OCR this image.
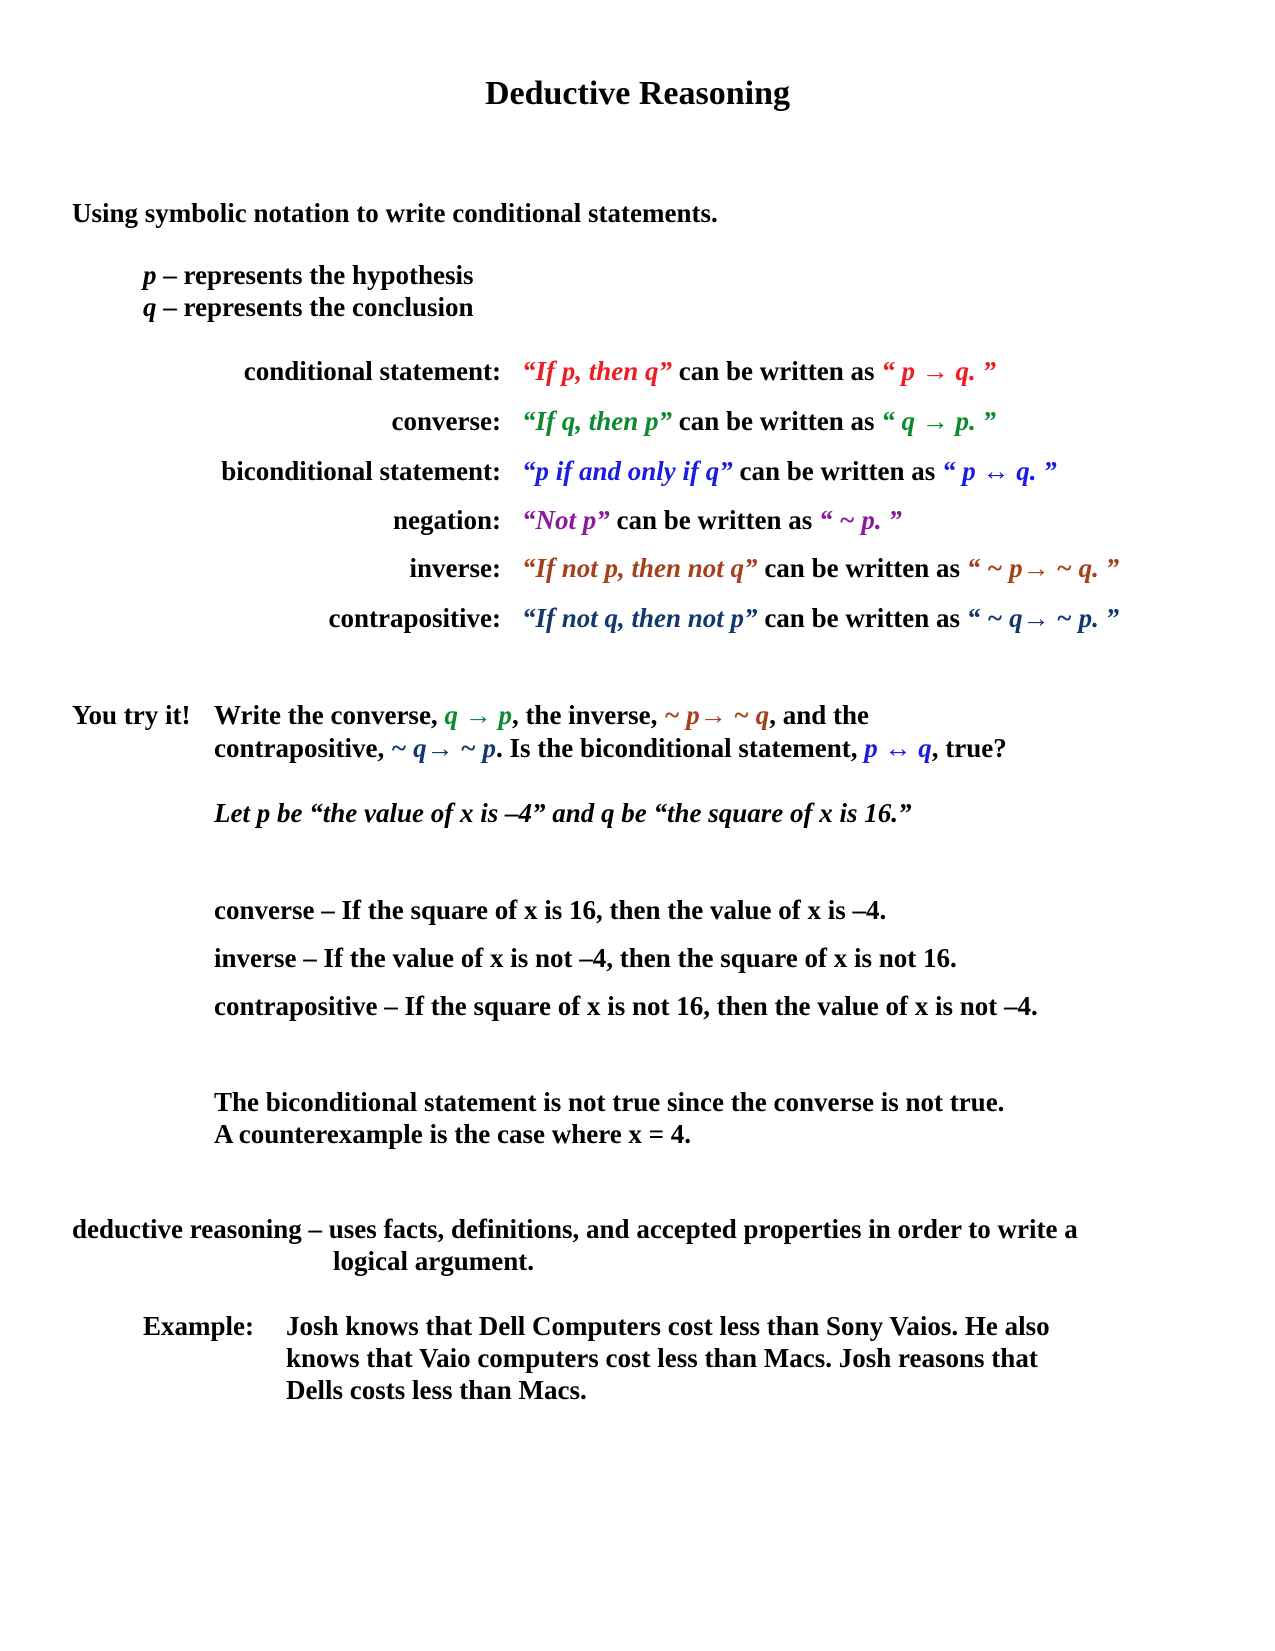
Deductive Reasoning
Using symbolic notation to write conditional statements.
p – represents the hypothesis
q – represents the conclusion
conditional statement: “If p, then q” can be written as “ p → q. ”
converse: “If q, then p” can be written as “ q → p. ”
biconditional statement: “p if and only if q” can be written as “ p ↔ q. ”
negation: “Not p” can be written as “ ~ p. ”
inverse: “If not p, then not q” can be written as “ ~ p→ ~ q. ”
contrapositive: “If not q, then not p” can be written as “ ~ q→ ~ p. ”
You try it! Write the converse, q → p, the inverse, ~ p→ ~ q, and the
contrapositive, ~ q→ ~ p. Is the biconditional statement, p ↔ q, true?
Let p be “the value of x is –4” and q be “the square of x is 16.”
converse – If the square of x is 16, then the value of x is –4.
inverse – If the value of x is not –4, then the square of x is not 16.
contrapositive – If the square of x is not 16, then the value of x is not –4.
The biconditional statement is not true since the converse is not true.
A counterexample is the case where x = 4.
deductive reasoning – uses facts, definitions, and accepted properties in order to write a
logical argument.
Example: Josh knows that Dell Computers cost less than Sony Vaios. He also
knows that Vaio computers cost less than Macs. Josh reasons that
Dells costs less than Macs.
